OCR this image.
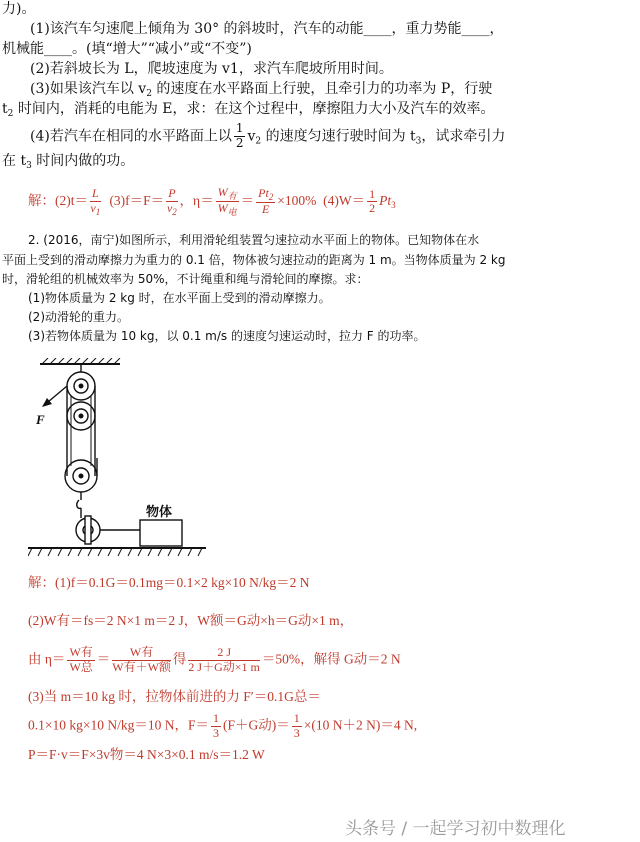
力)。
(1)该汽车匀速爬上倾角为 30° 的斜坡时，汽车的动能____，重力势能____，
机械能____。(填“增大”“减小”或“不变”)
(2)若斜坡长为 L，爬坡速度为 v1，求汽车爬坡所用时间。
(3)如果该汽车以 $v_2$ 的速度在水平路面上行驶，且牵引力的功率为 P，行驶
$t_2$ 时间内，消耗的电能为 E，求：在这个过程中，摩擦阻力大小及汽车的效率。
(4)若汽车在相同的水平路面上以 $\frac{1}{2} v_2$ 的速度匀速行驶时间为 $t_3$，试求牵引力
在 $t_3$ 时间内做的功。
解：$(2)t= \frac{L}{v_1} (3)f=F= \frac{P}{v_2}$ ，$\eta= \frac{W_有}{W_电} = \frac{Pt_2}{E} \times 100\%$ $(4)W= \frac{1}{2} Pt_3$
2. (2016，南宁)如图所示，利用滑轮组装置匀速拉动水平面上的物体。已知物体在水
平面上受到的滑动摩擦力为重力的 0.1 倍，物体被匀速拉动的距离为 1 m。当物体质量为 2 kg
时，滑轮组的机械效率为 50%，不计绳重和绳与滑轮间的摩擦。求：
(1)物体质量为 2 kg 时，在水平面上受到的滑动摩擦力。
(2)动滑轮的重力。
(3)若物体质量为 10 kg，以 0.1 m/s 的速度匀速运动时，拉力 F 的功率。
F
物体
解：(1)f＝0.1G＝0.1mg＝0.1×2 kg×10 N/kg＝2 N
(2)W有＝fs＝2 N×1 m＝2 J，W额＝G动×h＝G动×1 m，
由 $\eta= \frac{\text{W有}}{\text{W总}} = \frac{\text{W有}}{\text{W有＋W额}}$ 得 $\frac{2 J}{\text{2 J＋G动×1 m}} =50\%$，解得 G动＝2 N
(3)当 m＝10 kg 时，拉物体前进的力 F′＝0.1G总＝
0.1×10 kg×10 N/kg＝10 N，$F= \frac{1}{3} (F+G$动)＝ $\frac{1}{3} \times(10$ N＋2 N)＝4 N,
P＝F·v＝F×3v物＝4 N×3×0.1 m/s＝1.2 W
头条号 / 一起学习初中数理化
